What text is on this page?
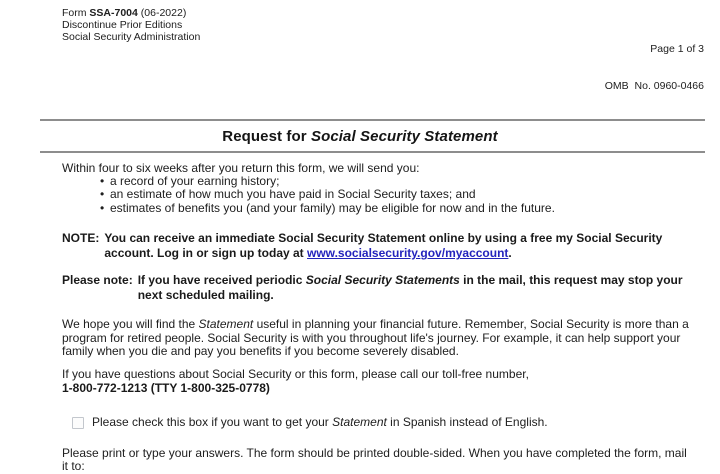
Form SSA-7004 (06-2022)
Discontinue Prior Editions
Social Security Administration

Page 1 of 3

OMB  No. 0960-0466

Request for Social Security Statement

Within four to six weeks after you return this form, we will send you:

• a record of your earning history;
• an estimate of how much you have paid in Social Security taxes; and
• estimates of benefits you (and your family) may be eligible for now and in the future.
NOTE: You can receive an immediate Social Security Statement online by using a free my Social Security account. Log in or sign up today at www.socialsecurity.gov/myaccount.
Please note: If you have received periodic Social Security Statements in the mail, this request may stop your next scheduled mailing.

We hope you will find the Statement useful in planning your financial future. Remember, Social Security is more than a program for retired people. Social Security is with you throughout life's journey. For example, it can help support your family when you die and pay you benefits if you become severely disabled.

If you have questions about Social Security or this form, please call our toll-free number,
1-800-772-1213 (TTY 1-800-325-0778)

Please check this box if you want to get your Statement in Spanish instead of English.

Please print or type your answers. The form should be printed double-sided. When you have completed the form, mail it to:
